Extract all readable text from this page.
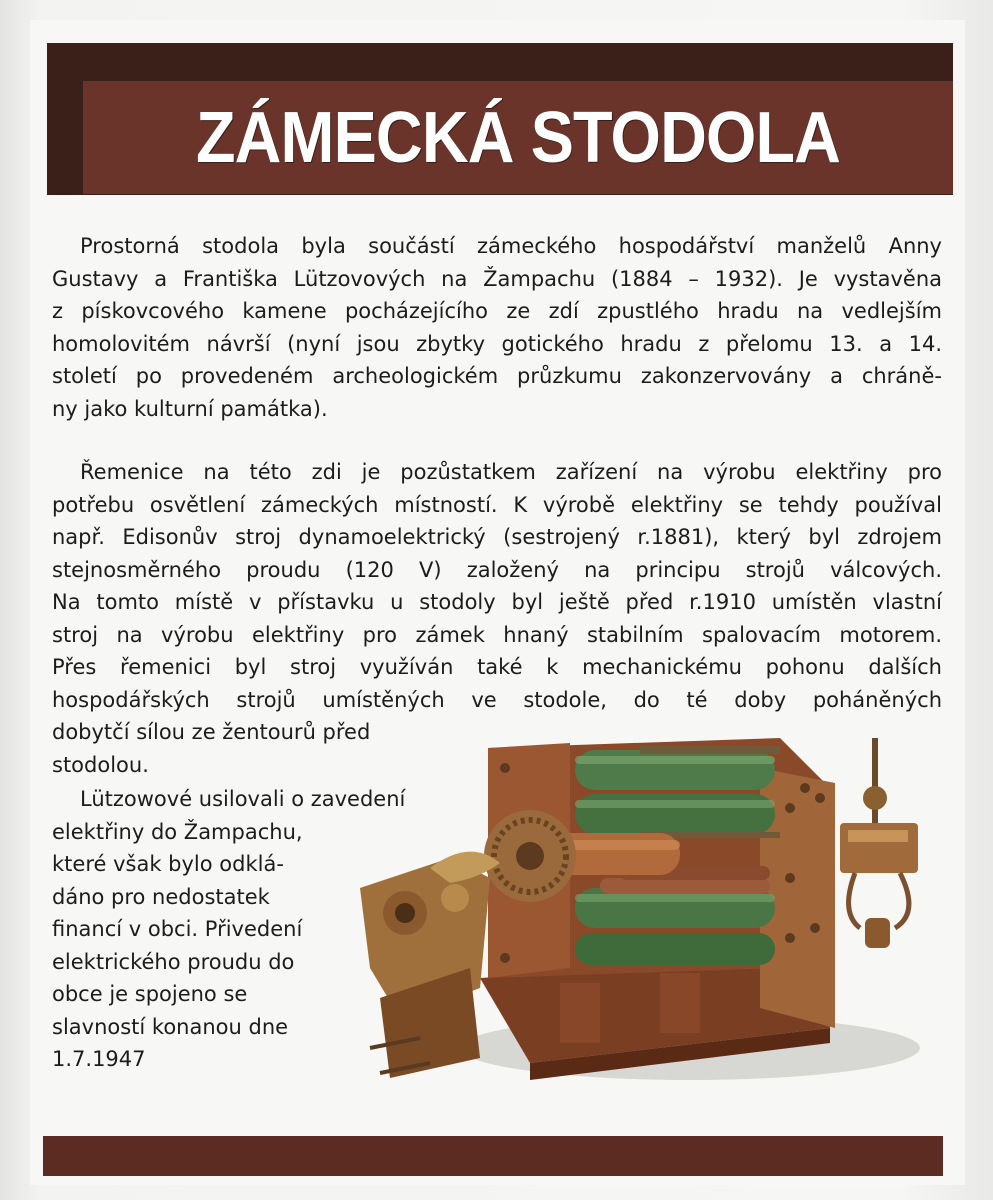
ZÁMECKÁ STODOLA
Prostorná stodola byla součástí zámeckého hospodářství manželů Anny
Gustavy a Františka Lützovových na Žampachu (1884 – 1932). Je vystavěna
z pískovcového kamene pocházejícího ze zdí zpustlého hradu na vedlejším
homolovitém návrší (nyní jsou zbytky gotického hradu z přelomu 13. a 14.
století po provedeném archeologickém průzkumu zakonzervovány a chráně-
ny jako kulturní památka).
Řemenice na této zdi je pozůstatkem zařízení na výrobu elektřiny pro
potřebu osvětlení zámeckých místností. K výrobě elektřiny se tehdy používal
např. Edisonův stroj dynamoelektrický (sestrojený r.1881), který byl zdrojem
stejnosměrného proudu (120 V) založený na principu strojů válcových.
Na tomto místě v přístavku u stodoly byl ještě před r.1910 umístěn vlastní
stroj na výrobu elektřiny pro zámek hnaný stabilním spalovacím motorem.
Přes řemenici byl stroj využíván také k mechanickému pohonu dalších
hospodářských strojů umístěných ve stodole, do té doby poháněných
dobytčí sílou ze žentourů před
stodolou.
Lützowové usilovali o zavedení
elektřiny do Žampachu,
které však bylo odklá-
dáno pro nedostatek
financí v obci. Přivedení
elektrického proudu do
obce je spojeno se
slavností konanou dne
1.7.1947
